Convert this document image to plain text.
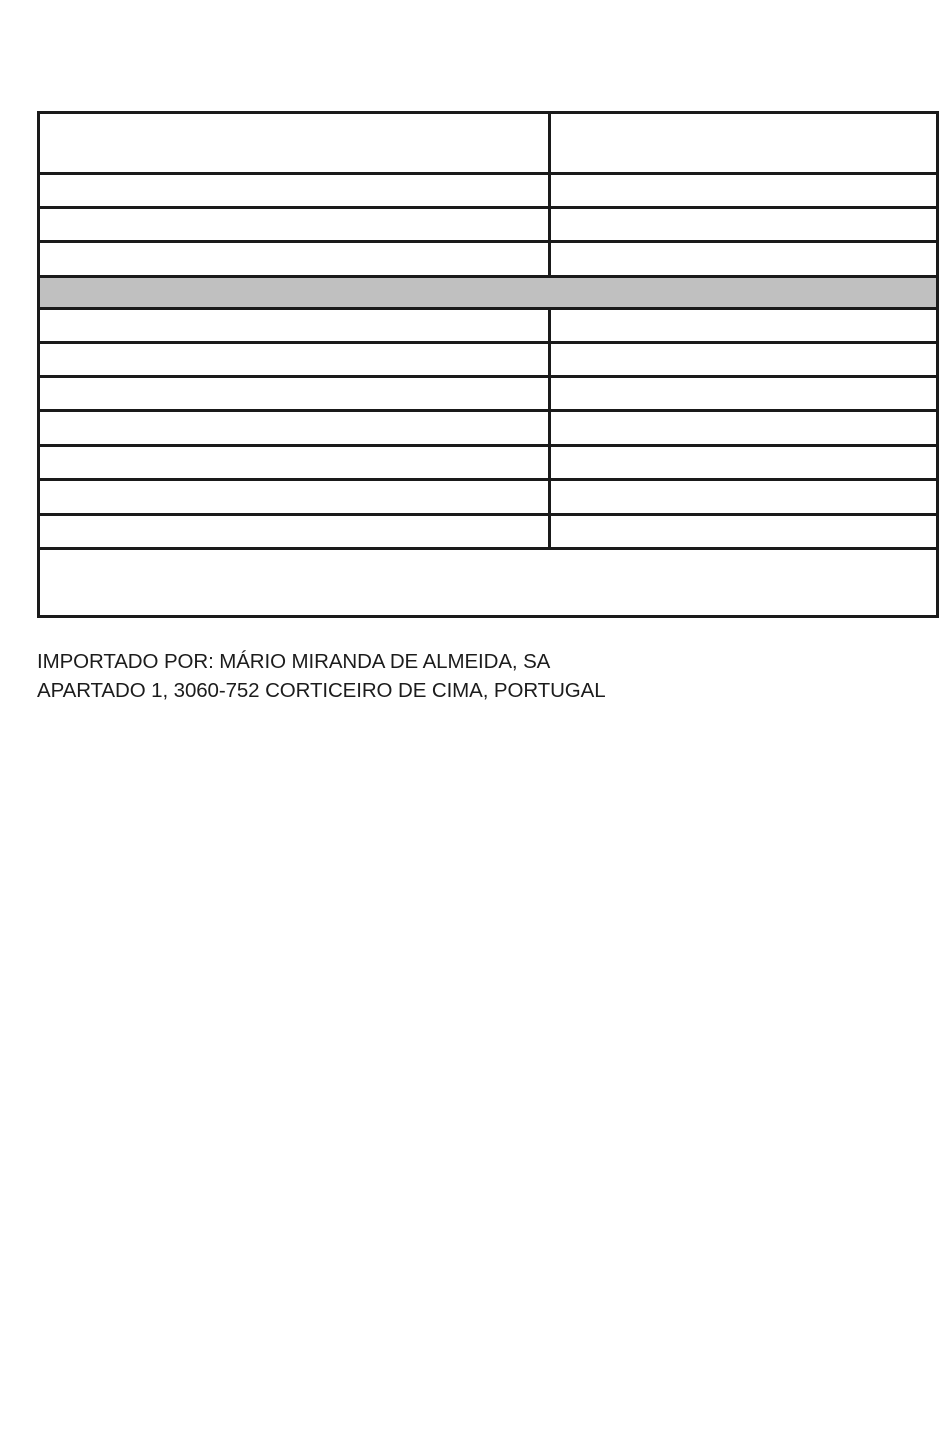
IMPORTADO POR: MÁRIO MIRANDA DE ALMEIDA, SA
APARTADO 1, 3060-752 CORTICEIRO DE CIMA, PORTUGAL
